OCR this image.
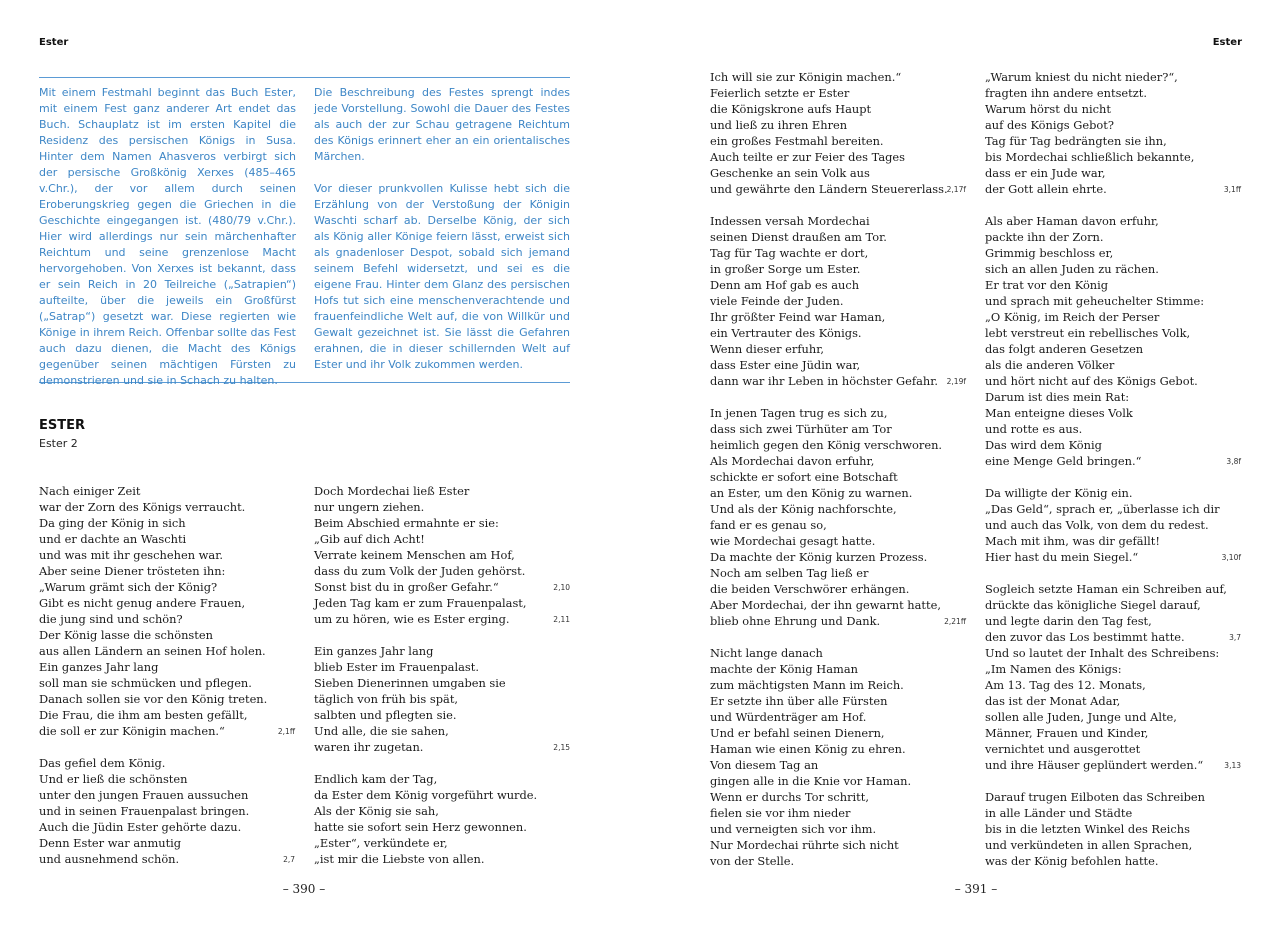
Ester

Mit einem Festmahl beginnt das Buch Ester, mit einem Fest ganz anderer Art endet das Buch. Schauplatz ist im ersten Kapitel die Residenz des persischen Königs in Susa. Hinter dem Namen Ahasveros verbirgt sich der persische Großkönig Xerxes (485–465 v.Chr.), der vor allem durch seinen Eroberungskrieg gegen die Griechen in die Geschichte eingegangen ist. (480/79 v.Chr.). Hier wird allerdings nur sein märchenhafter Reichtum und seine grenzenlose Macht hervorgehoben. Von Xerxes ist bekannt, dass er sein Reich in 20 Teilreiche („Satrapien“) aufteilte, über die jeweils ein Großfürst („Satrap“) gesetzt war. Diese regierten wie Könige in ihrem Reich. Offenbar sollte das Fest auch dazu dienen, die Macht des Königs gegenüber seinen mächtigen Fürsten zu demonstrieren und sie in Schach zu halten.

Die Beschreibung des Festes sprengt indes jede Vorstellung. Sowohl die Dauer des Festes als auch der zur Schau getragene Reichtum des Königs erinnert eher an ein orientalisches Märchen.

Vor dieser prunkvollen Kulisse hebt sich die Erzählung von der Verstoßung der Königin Waschti scharf ab. Derselbe König, der sich als König aller Könige feiern lässt, erweist sich als gnadenloser Despot, sobald sich jemand seinem Befehl widersetzt, und sei es die eigene Frau. Hinter dem Glanz des persischen Hofs tut sich eine menschenverachtende und frauenfeindliche Welt auf, die von Willkür und Gewalt gezeichnet ist. Sie lässt die Gefahren erahnen, die in dieser schillernden Welt auf Ester und ihr Volk zukommen werden.

ESTER
Ester 2
Nach einiger Zeit
war der Zorn des Königs verraucht.
Da ging der König in sich
und er dachte an Waschti
und was mit ihr geschehen war.
Aber seine Diener trösteten ihn:
„Warum grämt sich der König?
Gibt es nicht genug andere Frauen,
die jung sind und schön?
Der König lasse die schönsten
aus allen Ländern an seinen Hof holen.
Ein ganzes Jahr lang
soll man sie schmücken und pflegen.
Danach sollen sie vor den König treten.
Die Frau, die ihm am besten gefällt,
die soll er zur Königin machen.“	2,1ff
Das gefiel dem König.
Und er ließ die schönsten
unter den jungen Frauen aussuchen
und in seinen Frauenpalast bringen.
Auch die Jüdin Ester gehörte dazu.
Denn Ester war anmutig
und ausnehmend schön.	2,7
Doch Mordechai ließ Ester
nur ungern ziehen.
Beim Abschied ermahnte er sie:
„Gib auf dich Acht!
Verrate keinem Menschen am Hof,
dass du zum Volk der Juden gehörst.
Sonst bist du in großer Gefahr.“	2,10
Jeden Tag kam er zum Frauenpalast,
um zu hören, wie es Ester erging.	2,11
Ein ganzes Jahr lang
blieb Ester im Frauenpalast.
Sieben Dienerinnen umgaben sie
täglich von früh bis spät,
salbten und pflegten sie.
Und alle, die sie sahen,
waren ihr zugetan.	2,15
Endlich kam der Tag,
da Ester dem König vorgeführt wurde.
Als der König sie sah,
hatte sie sofort sein Herz gewonnen.
„Ester“, verkündete er,
„ist mir die Liebste von allen.
– 390 –
Ester
Ich will sie zur Königin machen.“
Feierlich setzte er Ester
die Königskrone aufs Haupt
und ließ zu ihren Ehren
ein großes Festmahl bereiten.
Auch teilte er zur Feier des Tages
Geschenke an sein Volk aus
und gewährte den Ländern Steuererlass. 2,17f
Indessen versah Mordechai
seinen Dienst draußen am Tor.
Tag für Tag wachte er dort,
in großer Sorge um Ester.
Denn am Hof gab es auch
viele Feinde der Juden.
Ihr größter Feind war Haman,
ein Vertrauter des Königs.
Wenn dieser erfuhr,
dass Ester eine Jüdin war,
dann war ihr Leben in höchster Gefahr. 2,19f
In jenen Tagen trug es sich zu,
dass sich zwei Türhüter am Tor
heimlich gegen den König verschworen.
Als Mordechai davon erfuhr,
schickte er sofort eine Botschaft
an Ester, um den König zu warnen.
Und als der König nachforschte,
fand er es genau so,
wie Mordechai gesagt hatte.
Da machte der König kurzen Prozess.
Noch am selben Tag ließ er
die beiden Verschwörer erhängen.
Aber Mordechai, der ihn gewarnt hatte,
blieb ohne Ehrung und Dank.	2,21ff
Nicht lange danach
machte der König Haman
zum mächtigsten Mann im Reich.
Er setzte ihn über alle Fürsten
und Würdenträger am Hof.
Und er befahl seinen Dienern,
Haman wie einen König zu ehren.
Von diesem Tag an
gingen alle in die Knie vor Haman.
Wenn er durchs Tor schritt,
fielen sie vor ihm nieder
und verneigten sich vor ihm.
Nur Mordechai rührte sich nicht
von der Stelle.
„Warum kniest du nicht nieder?“,
fragten ihn andere entsetzt.
Warum hörst du nicht
auf des Königs Gebot?
Tag für Tag bedrängten sie ihn,
bis Mordechai schließlich bekannte,
dass er ein Jude war,
der Gott allein ehrte.	3,1ff
Als aber Haman davon erfuhr,
packte ihn der Zorn.
Grimmig beschloss er,
sich an allen Juden zu rächen.
Er trat vor den König
und sprach mit geheuchelter Stimme:
„O König, im Reich der Perser
lebt verstreut ein rebellisches Volk,
das folgt anderen Gesetzen
als die anderen Völker
und hört nicht auf des Königs Gebot.
Darum ist dies mein Rat:
Man enteigne dieses Volk
und rotte es aus.
Das wird dem König
eine Menge Geld bringen.“	3,8f
Da willigte der König ein.
„Das Geld“, sprach er, „überlasse ich dir
und auch das Volk, von dem du redest.
Mach mit ihm, was dir gefällt!
Hier hast du mein Siegel.“	3,10f
Sogleich setzte Haman ein Schreiben auf,
drückte das königliche Siegel darauf,
und legte darin den Tag fest,
den zuvor das Los bestimmt hatte.	3,7
Und so lautet der Inhalt des Schreibens:
„Im Namen des Königs:
Am 13. Tag des 12. Monats,
das ist der Monat Adar,
sollen alle Juden, Junge und Alte,
Männer, Frauen und Kinder,
vernichtet und ausgerottet
und ihre Häuser geplündert werden.“	3,13
Darauf trugen Eilboten das Schreiben
in alle Länder und Städte
bis in die letzten Winkel des Reichs
und verkündeten in allen Sprachen,
was der König befohlen hatte.
– 391 –
